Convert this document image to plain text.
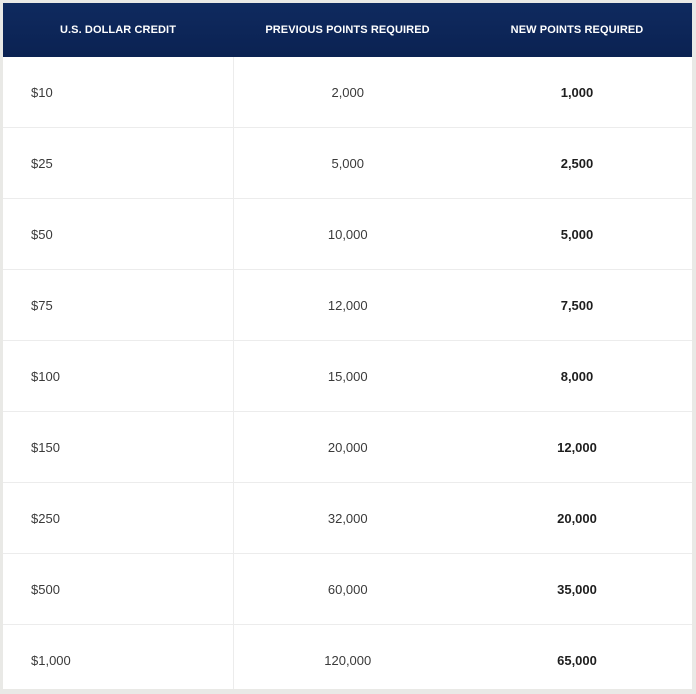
U.S. DOLLAR CREDIT	PREVIOUS POINTS REQUIRED	NEW POINTS REQUIRED
$10	2,000	1,000
$25	5,000	2,500
$50	10,000	5,000
$75	12,000	7,500
$100	15,000	8,000
$150	20,000	12,000
$250	32,000	20,000
$500	60,000	35,000
$1,000	120,000	65,000
